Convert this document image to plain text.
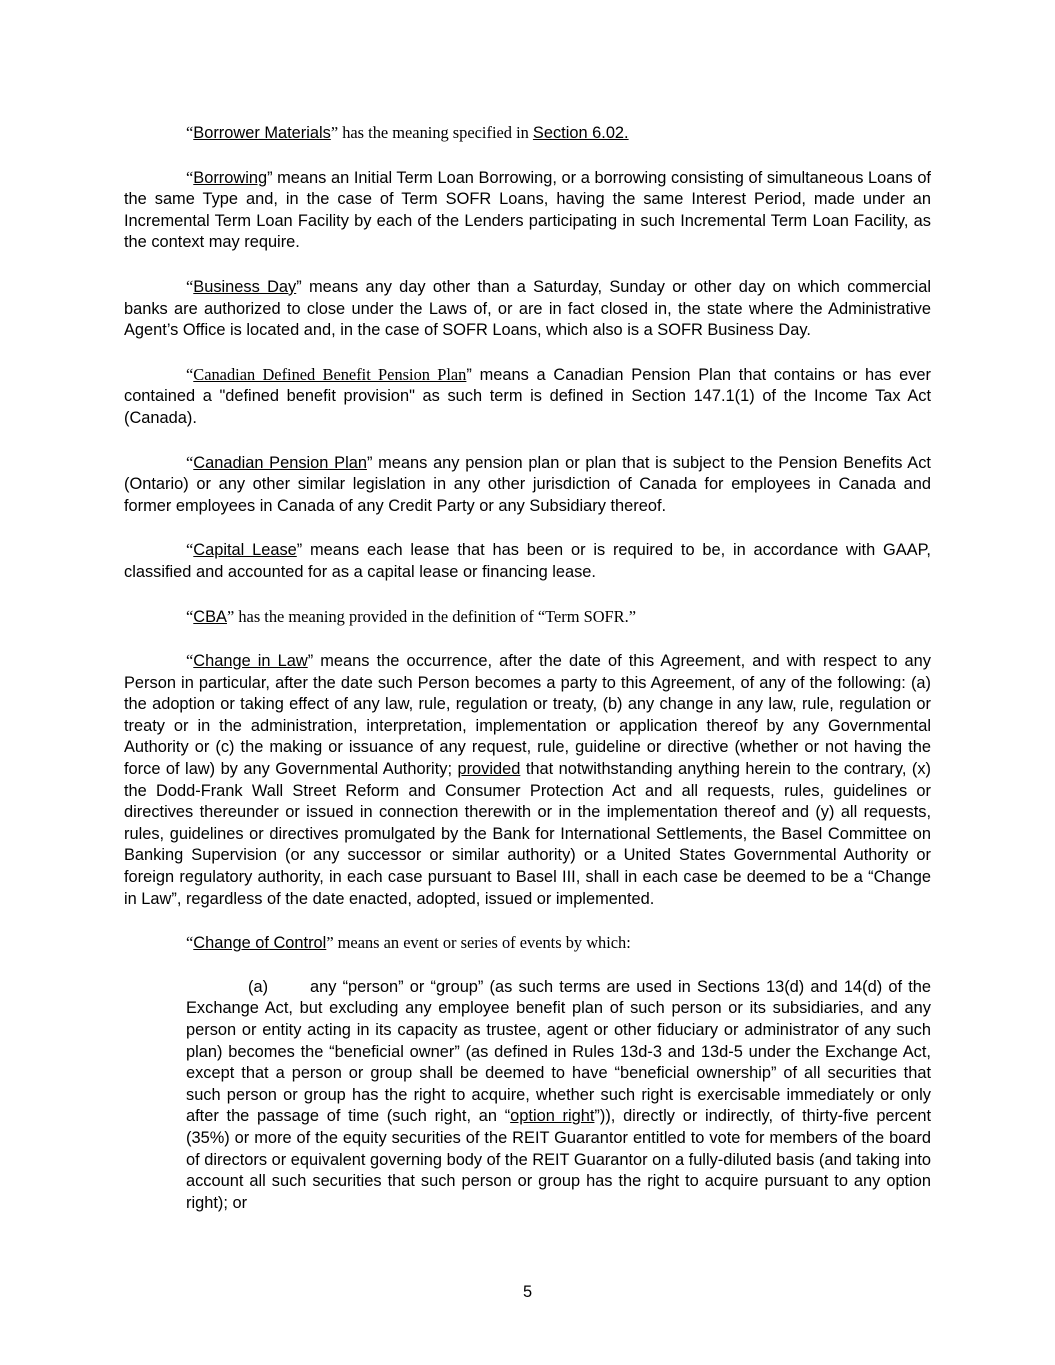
“Borrower Materials” has the meaning specified in Section 6.02.

“Borrowing” means an Initial Term Loan Borrowing, or a borrowing consisting of simultaneous Loans of the same Type and, in the case of Term SOFR Loans, having the same Interest Period, made under an Incremental Term Loan Facility by each of the Lenders participating in such Incremental Term Loan Facility, as the context may require.

“Business Day” means any day other than a Saturday, Sunday or other day on which commercial banks are authorized to close under the Laws of, or are in fact closed in, the state where the Administrative Agent’s Office is located and, in the case of SOFR Loans, which also is a SOFR Business Day.

“Canadian Defined Benefit Pension Plan” means a Canadian Pension Plan that contains or has ever contained a "defined benefit provision" as such term is defined in Section 147.1(1) of the Income Tax Act (Canada).

“Canadian Pension Plan” means any pension plan or plan that is subject to the Pension Benefits Act (Ontario) or any other similar legislation in any other jurisdiction of Canada for employees in Canada and former employees in Canada of any Credit Party or any Subsidiary thereof.

“Capital Lease” means each lease that has been or is required to be, in accordance with GAAP, classified and accounted for as a capital lease or financing lease.

“CBA” has the meaning provided in the definition of “Term SOFR.”

“Change in Law” means the occurrence, after the date of this Agreement, and with respect to any Person in particular, after the date such Person becomes a party to this Agreement, of any of the following: (a) the adoption or taking effect of any law, rule, regulation or treaty, (b) any change in any law, rule, regulation or treaty or in the administration, interpretation, implementation or application thereof by any Governmental Authority or (c) the making or issuance of any request, rule, guideline or directive (whether or not having the force of law) by any Governmental Authority; provided that notwithstanding anything herein to the contrary, (x) the Dodd-Frank Wall Street Reform and Consumer Protection Act and all requests, rules, guidelines or directives thereunder or issued in connection therewith or in the implementation thereof and (y) all requests, rules, guidelines or directives promulgated by the Bank for International Settlements, the Basel Committee on Banking Supervision (or any successor or similar authority) or a United States Governmental Authority or foreign regulatory authority, in each case pursuant to Basel III, shall in each case be deemed to be a “Change in Law”, regardless of the date enacted, adopted, issued or implemented.

“Change of Control” means an event or series of events by which:

(a)	any “person” or “group” (as such terms are used in Sections 13(d) and 14(d) of the Exchange Act, but excluding any employee benefit plan of such person or its subsidiaries, and any person or entity acting in its capacity as trustee, agent or other fiduciary or administrator of any such plan) becomes the “beneficial owner” (as defined in Rules 13d-3 and 13d-5 under the Exchange Act, except that a person or group shall be deemed to have “beneficial ownership” of all securities that such person or group has the right to acquire, whether such right is exercisable immediately or only after the passage of time (such right, an “option right”)), directly or indirectly, of thirty-five percent (35%) or more of the equity securities of the REIT Guarantor entitled to vote for members of the board of directors or equivalent governing body of the REIT Guarantor on a fully-diluted basis (and taking into account all such securities that such person or group has the right to acquire pursuant to any option right); or

5
